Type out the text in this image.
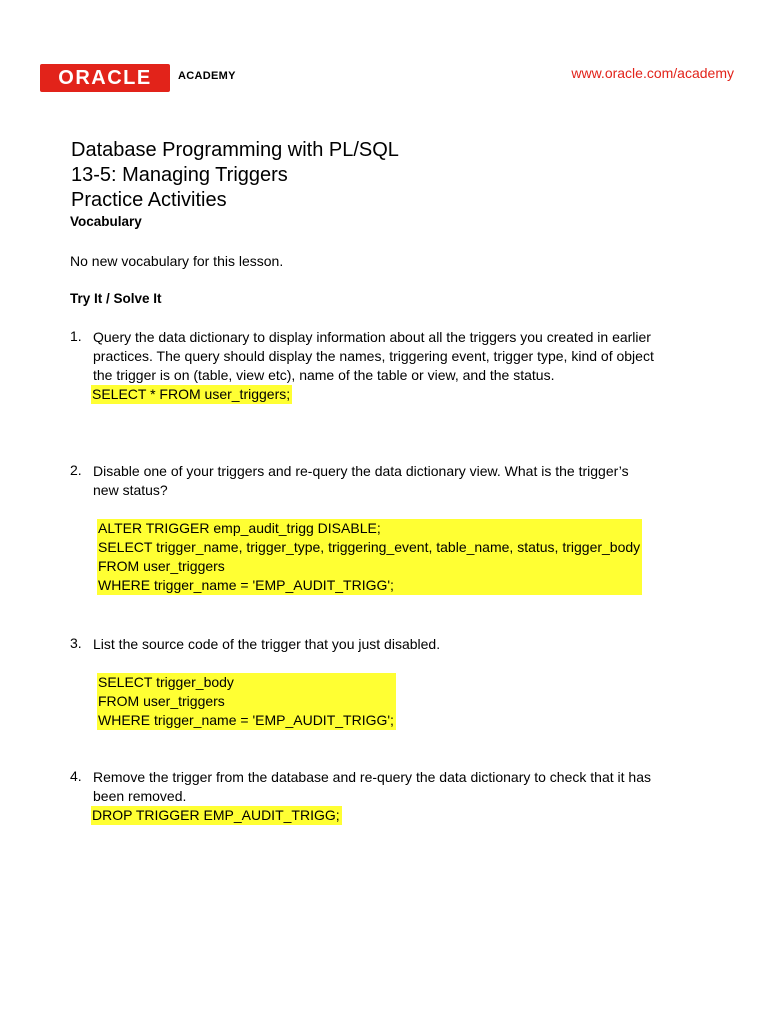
ORACLE ACADEMY	www.oracle.com/academy
Database Programming with PL/SQL
13-5: Managing Triggers
Practice Activities
Vocabulary
No new vocabulary for this lesson.
Try It / Solve It
1. Query the data dictionary to display information about all the triggers you created in earlier
practices. The query should display the names, triggering event, trigger type, kind of object
the trigger is on (table, view etc), name of the table or view, and the status.
SELECT * FROM user_triggers;
2. Disable one of your triggers and re-query the data dictionary view. What is the trigger’s
new status?
ALTER TRIGGER emp_audit_trigg DISABLE;
SELECT trigger_name, trigger_type, triggering_event, table_name, status, trigger_body
FROM user_triggers
WHERE trigger_name = 'EMP_AUDIT_TRIGG';
3. List the source code of the trigger that you just disabled.
SELECT trigger_body
FROM user_triggers
WHERE trigger_name = 'EMP_AUDIT_TRIGG';
4. Remove the trigger from the database and re-query the data dictionary to check that it has
been removed.
DROP TRIGGER EMP_AUDIT_TRIGG;
